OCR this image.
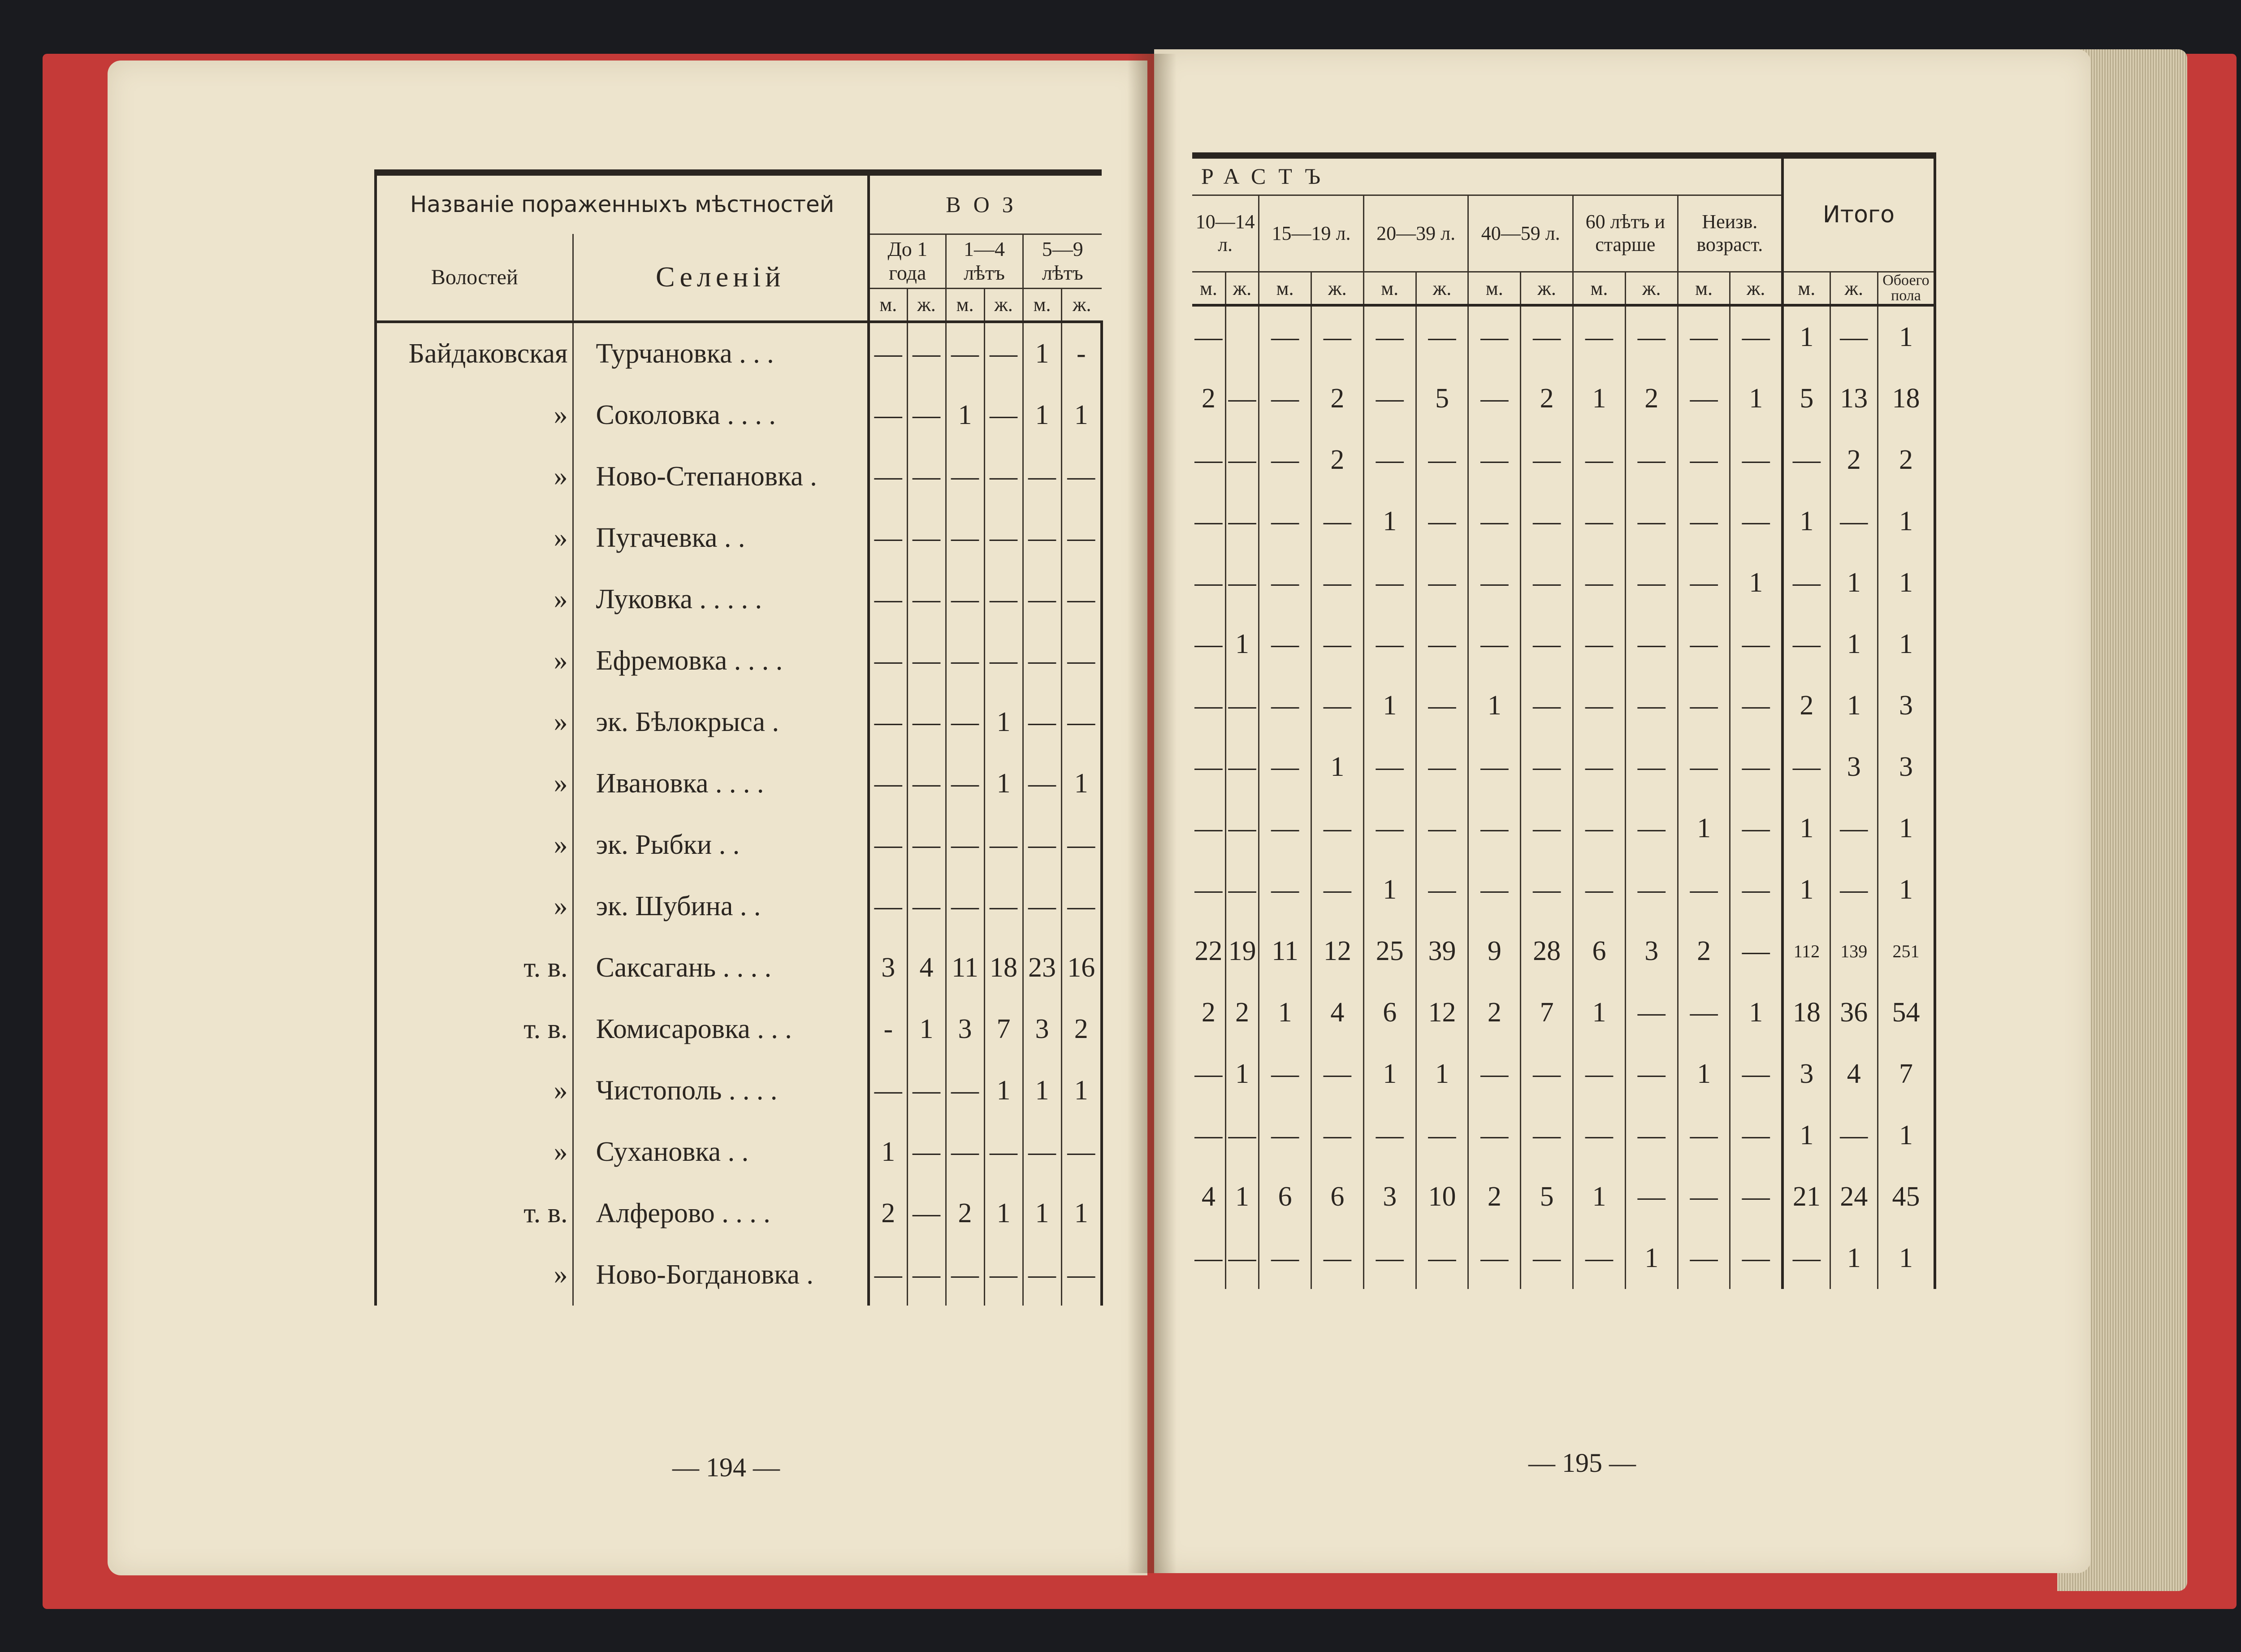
Названіе пораженныхъ мѣстностей		ВОЗ					
Волостей	Селеній	До 1 года		1—4 лѣтъ		5—9 лѣтъ	
		м.	ж.	м.	ж.	м.	ж.
Байдаковская	Турчановка . . .	—	—	—	—	1	-
»	Соколовка . . . .	—	—	1	—	1	1
»	Ново-Степановка .	—	—	—	—	—	—
»	Пугачевка . .	—	—	—	—	—	—
»	Луковка . . . . .	—	—	—	—	—	—
»	Ефремовка . . . .	—	—	—	—	—	—
»	эк. Бѣлокрыса .	—	—	—	1	—	—
»	Ивановка . . . .	—	—	—	1	—	1
»	эк. Рыбки . .	—	—	—	—	—	—
»	эк. Шубина . .	—	—	—	—	—	—
т. в.	Саксагань . . . .	3	4	11	18	23	16
т. в.	Комисаровка . . .	-	1	3	7	3	2
»	Чистополь . . . .	—	—	—	1	1	1
»	Сухановка . .	1	—	—	—	—	—
т. в.	Алферово . . . .	2	—	2	1	1	1
»	Ново-Богдановка .	—	—	—	—	—	—
РАСТЪ												Итого		
10—14 л.		15—19 л.		20—39 л.		40—59 л.		60 лѣтъ и старше		Неизв. возраст.				
м.	ж.	м.	ж.	м.	ж.	м.	ж.	м.	ж.	м.	ж.	м.	ж.	Обоего пола
—		—	—	—	—	—	—	—	—	—	—	1	—	1
2	—	—	2	—	5	—	2	1	2	—	1	5	13	18
—	—	—	2	—	—	—	—	—	—	—	—	—	2	2
—	—	—	—	1	—	—	—	—	—	—	—	1	—	1
—	—	—	—	—	—	—	—	—	—	—	1	—	1	1
—	1	—	—	—	—	—	—	—	—	—	—	—	1	1
—	—	—	—	1	—	1	—	—	—	—	—	2	1	3
—	—	—	1	—	—	—	—	—	—	—	—	—	3	3
—	—	—	—	—	—	—	—	—	—	1	—	1	—	1
—	—	—	—	1	—	—	—	—	—	—	—	1	—	1
22	19	11	12	25	39	9	28	6	3	2	—	112	139	251
2	2	1	4	6	12	2	7	1	—	—	1	18	36	54
—	1	—	—	1	1	—	—	—	—	1	—	3	4	7
—	—	—	—	—	—	—	—	—	—	—	—	1	—	1
4	1	6	6	3	10	2	5	1	—	—	—	21	24	45
—	—	—	—	—	—	—	—	—	1	—	—	—	1	1
— 194 —	— 195 —
